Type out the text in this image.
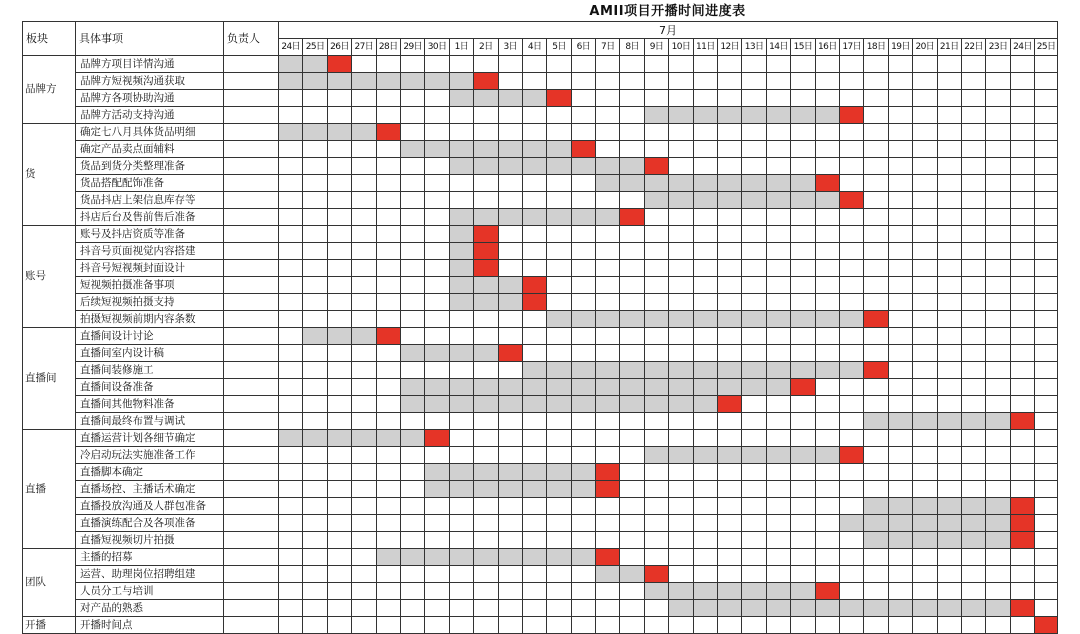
AMII项目开播时间进度表
板块	具体事项	负责人	7月																															
			24日	25日	26日	27日	28日	29日	30日	1日	2日	3日	4日	5日	6日	7日	8日	9日	10日	11日	12日	13日	14日	15日	16日	17日	18日	19日	20日	21日	22日	23日	24日	25日
品牌方	品牌方项目详情沟通																																	
	品牌方短视频沟通获取																																	
	品牌方各项协助沟通																																	
	品牌方活动支持沟通																																	
货	确定七八月具体货品明细																																	
	确定产品卖点面辅料																																	
	货品到货分类整理准备																																	
	货品搭配配饰准备																																	
	货品抖店上架信息库存等																																	
	抖店后台及售前售后准备																																	
账号	账号及抖店资质等准备																																	
	抖音号页面视觉内容搭建																																	
	抖音号短视频封面设计																																	
	短视频拍摄准备事项																																	
	后续短视频拍摄支持																																	
	拍摄短视频前期内容条数																																	
直播间	直播间设计讨论																																	
	直播间室内设计稿																																	
	直播间装修施工																																	
	直播间设备准备																																	
	直播间其他物料准备																																	
	直播间最终布置与调试																																	
直播	直播运营计划各细节确定																																	
	冷启动玩法实施准备工作																																	
	直播脚本确定																																	
	直播场控、主播话术确定																																	
	直播投放沟通及人群包准备																																	
	直播演练配合及各项准备																																	
	直播短视频切片拍摄																																	
团队	主播的招募																																	
	运营、助理岗位招聘组建																																	
	人员分工与培训																																	
	对产品的熟悉																																	
开播	开播时间点																																	
